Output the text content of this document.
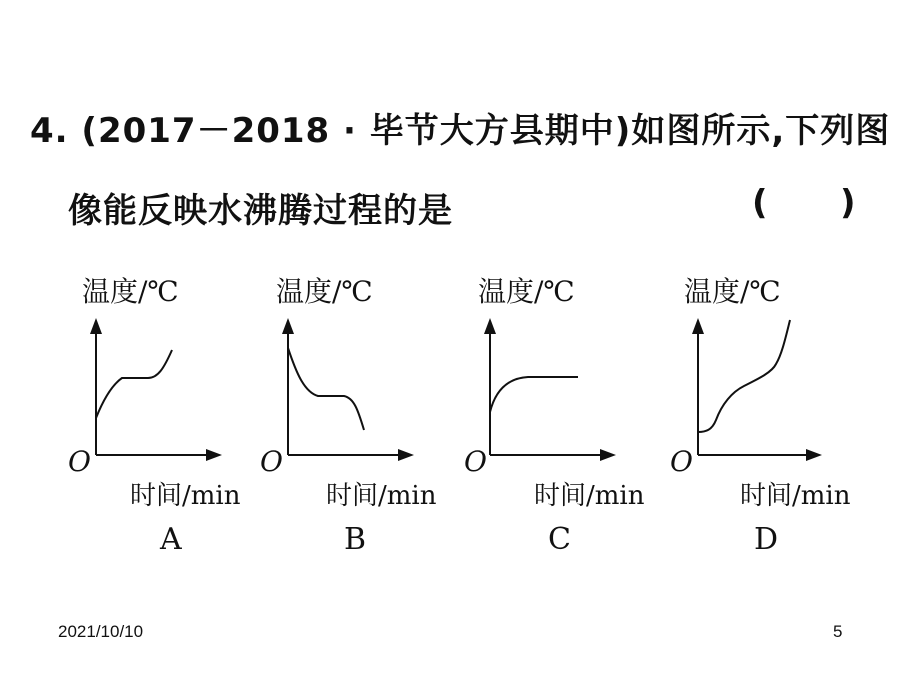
4. (2017－2018 · 毕节大方县期中)如图所示,下列图
像能反映水沸腾过程的是	( )
温度/℃
O
时间/min
A
温度/℃
O
时间/min
B
温度/℃
O
时间/min
C
温度/℃
O
时间/min
D
2021/10/10	5
